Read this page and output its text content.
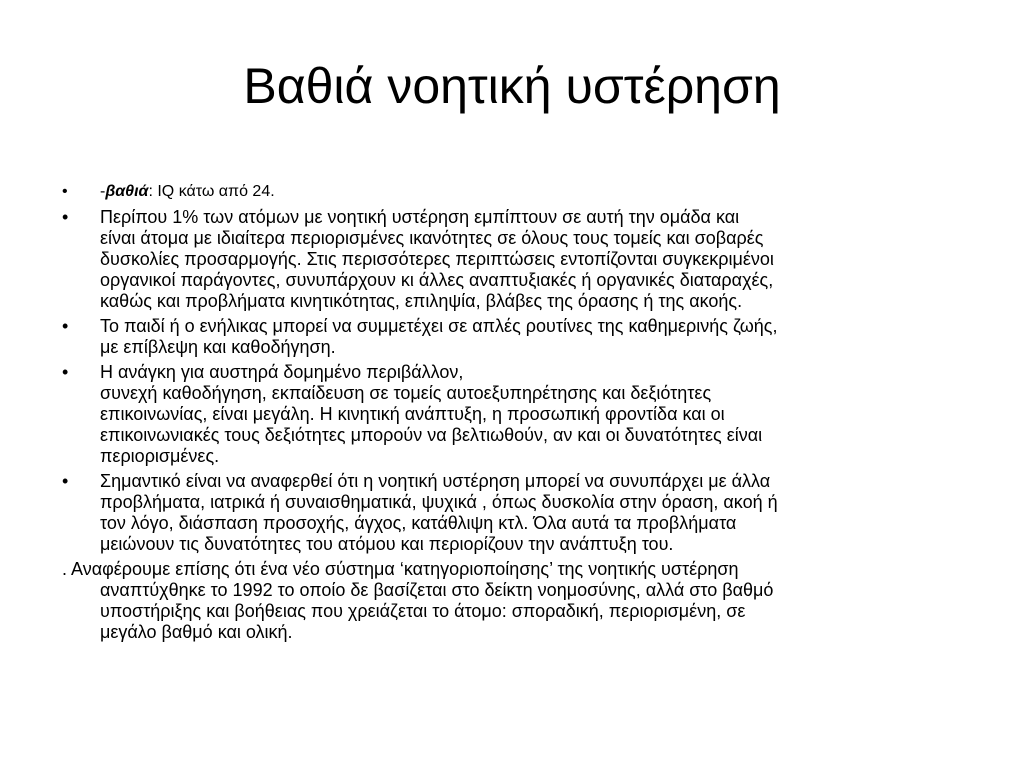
Βαθιά νοητική υστέρηση
• -βαθιά: IQ κάτω από 24.
• Περίπου 1% των ατόμων με νοητική υστέρηση εμπίπτουν σε αυτή την ομάδα και
είναι άτομα με ιδιαίτερα περιορισμένες ικανότητες σε όλους τους τομείς και σοβαρές
δυσκολίες προσαρμογής. Στις περισσότερες περιπτώσεις εντοπίζονται συγκεκριμένοι
οργανικοί παράγοντες, συνυπάρχουν κι άλλες αναπτυξιακές ή οργανικές διαταραχές,
καθώς και προβλήματα κινητικότητας, επιληψία, βλάβες της όρασης ή της ακοής.
• Το παιδί ή ο ενήλικας μπορεί να συμμετέχει σε απλές ρουτίνες της καθημερινής ζωής,
με επίβλεψη και καθοδήγηση.
• Η ανάγκη για αυστηρά δομημένο περιβάλλον,
συνεχή καθοδήγηση, εκπαίδευση σε τομείς αυτοεξυπηρέτησης και δεξιότητες
επικοινωνίας, είναι μεγάλη. Η κινητική ανάπτυξη, η προσωπική φροντίδα και οι
επικοινωνιακές τους δεξιότητες μπορούν να βελτιωθούν, αν και οι δυνατότητες είναι
περιορισμένες.
• Σημαντικό είναι να αναφερθεί ότι η νοητική υστέρηση μπορεί να συνυπάρχει με άλλα
προβλήματα, ιατρικά ή συναισθηματικά, ψυχικά , όπως δυσκολία στην όραση, ακοή ή
τον λόγο, διάσπαση προσοχής, άγχος, κατάθλιψη κτλ. Όλα αυτά τα προβλήματα
μειώνουν τις δυνατότητες του ατόμου και περιορίζουν την ανάπτυξη του.
. Αναφέρουμε επίσης ότι ένα νέο σύστημα ‘κατηγοριοποίησης’ της νοητικής υστέρηση
αναπτύχθηκε το 1992 το οποίο δε βασίζεται στο δείκτη νοημοσύνης, αλλά στο βαθμό
υποστήριξης και βοήθειας που χρειάζεται το άτομο: σποραδική, περιορισμένη, σε
μεγάλο βαθμό και ολική.
